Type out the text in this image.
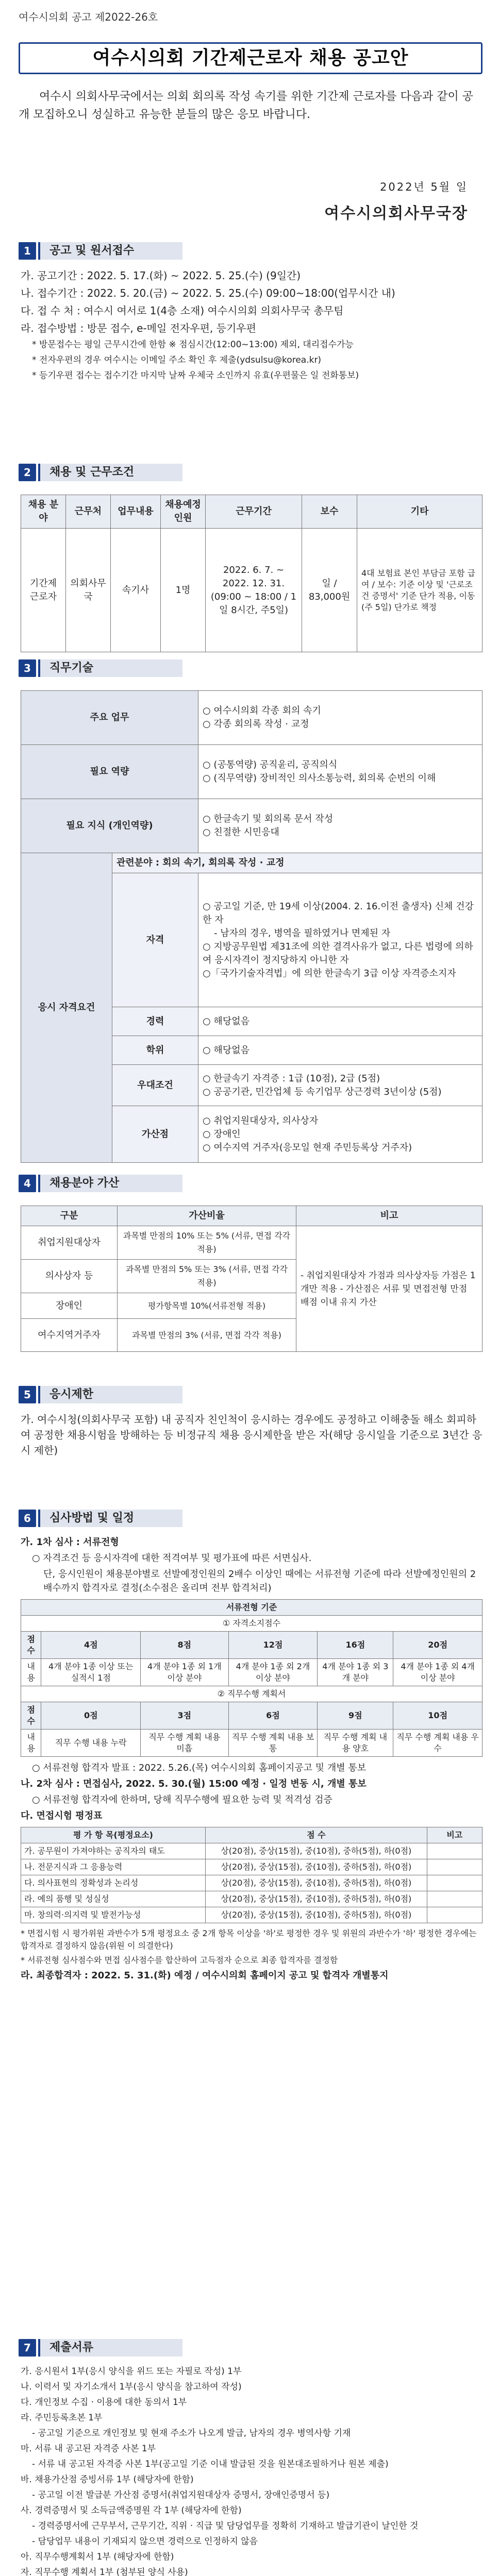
여수시의회 공고 제2022-26호
여수시의회 기간제근로자 채용 공고안
여수시 의회사무국에서는 의회 회의록 작성 속기를 위한 기간제 근로자를 다음과 같이 공개 모집하오니 성실하고 유능한 분들의 많은 응모 바랍니다.
2022년 5월 일
여수시의회사무국장
1	공고 및 원서접수

가. 공고기간 : 2022. 5. 17.(화) ~ 2022. 5. 25.(수) (9일간)

나. 접수기간 : 2022. 5. 20.(금) ~ 2022. 5. 25.(수) 09:00~18:00(업무시간 내)

다. 접 수 처 : 여수시 여서로 1(4층 소재) 여수시의회 의회사무국 총무팀

라. 접수방법 : 방문 접수, e-메일 전자우편, 등기우편

* 방문접수는 평일 근무시간에 한함 ※ 점심시간(12:00~13:00) 제외, 대리접수가능

* 전자우편의 경우 여수시는 이메일 주소 확인 후 제출(ydsulsu@korea.kr)

* 등기우편 접수는 접수기간 마지막 날짜 우체국 소인까지 유효(우편물은 일 전화통보)

2	채용 및 근무조건
채용 분야	근무처	업무내용	채용예정 인원	근무기간	보수	기타
기간제 근로자	의회사무국	속기사	1명	2022. 6. 7. ~ 2022. 12. 31. (09:00 ~ 18:00 / 1일 8시간, 주5일)	일 / 83,000원	4대 보험료 본인 부담금 포함 급여 / 보수: 기준 이상 및 '근로조건 증명서' 기준 단가 적용, 이동(주 5일) 단가로 책정
3	직무기술
주요 업무		○ 여수시의회 각종 회의 속기
○ 각종 회의록 작성 · 교정

필요 역량		○ (공통역량) 공직윤리, 공직의식
○ (직무역량) 장비적인 의사소통능력, 회의록 순번의 이해

필요 지식 (개인역량)		○ 한글속기 및 회의록 문서 작성
○ 친절한 시민응대

응시 자격요건	관련분야 : 회의 속기, 회의록 작성 · 교정	
	자격	○ 공고일 기준, 만 19세 이상(2004. 2. 16.이전 출생자) 신체 건강한 자
- 남자의 경우, 병역을 필하였거나 면제된 자
○ 지방공무원법 제31조에 의한 결격사유가 없고, 다른 법령에 의하여 응시자격이 정지당하지 아니한 자
○「국가기술자격법」에 의한 한글속기 3급 이상 자격증소지자

	경력	○ 해당없음
	학위	○ 해당없음
	우대조건	○ 한글속기 자격증 : 1급 (10점), 2급 (5점)
○ 공공기관, 민간업체 등 속기업무 상근경력 3년이상 (5점)

	가산점	○ 취업지원대상자, 의사상자
○ 장애인
○ 여수지역 거주자(응모일 현재 주민등록상 거주자)
4	채용분야 가산
구분	가산비율	비고
취업지원대상자	과목별 만점의 10% 또는 5% (서류, 면접 각각 적용)	- 취업지원대상자 가점과 의사상자등 가점은 1개만 적용 - 가산점은 서류 및 면접전형 만점 배점 이내 유지 가산
의사상자 등	과목별 만점의 5% 또는 3% (서류, 면접 각각 적용)	
장애인	평가항목별 10%(서류전형 적용)	
여수지역거주자	과목별 만점의 3% (서류, 면접 각각 적용)	
5	응시제한
가. 여수시청(의회사무국 포함) 내 공직자 친인척이 응시하는 경우에도 공정하고 이해충돌 해소 회피하여 공정한 채용시험을 방해하는 등 비정규직 채용 응시제한을 받은 자(해당 응시일을 기준으로 3년간 응시 제한)
6	심사방법 및 일정

가. 1차 심사 : 서류전형

○ 자격조건 등 응시자격에 대한 적격여부 및 평가표에 따른 서면심사.

단, 응시인원이 채용분야별로 선발예정인원의 2배수 이상인 때에는 서류전형 기준에 따라 선발예정인원의 2배수까지 합격자로 결정(소수점은 올리며 전부 합격처리)

서류전형 기준					
① 자격소지점수					
점수	4점	8점	12점	16점	20점
내용	4개 분야 1종 이상 또는 실적시 1점	4개 분야 1종 외 1개 이상 분야	4개 분야 1종 외 2개 이상 분야	4개 분야 1종 외 3개 분야	4개 분야 1종 외 4개 이상 분야
② 직무수행 계획서					
점수	0점	3점	6점	9점	10점
내용	직무 수행 내용 누락	직무 수행 계획 내용 미흡	직무 수행 계획 내용 보통	직무 수행 계획 내용 양호	직무 수행 계획 내용 우수

○ 서류전형 합격자 발표 : 2022. 5.26.(목) 여수시의회 홈페이지공고 및 개별 통보

나. 2차 심사 : 면접심사, 2022. 5. 30.(월) 15:00 예정 · 일정 변동 시, 개별 통보

○ 서류전형 합격자에 한하며, 당해 직무수행에 필요한 능력 및 적격성 검증

다. 면접시험 평정표

평 가 항 목(평정요소)	점 수	비고
가. 공무원이 가져야하는 공직자의 태도	상(20점), 중상(15점), 중(10점), 중하(5점), 하(0점)	
나. 전문지식과 그 응용능력	상(20점), 중상(15점), 중(10점), 중하(5점), 하(0점)	
다. 의사표현의 정확성과 논리성	상(20점), 중상(15점), 중(10점), 중하(5점), 하(0점)	
라. 예의 품행 및 성실성	상(20점), 중상(15점), 중(10점), 중하(5점), 하(0점)	
마. 창의력·의지력 및 발전가능성	상(20점), 중상(15점), 중(10점), 중하(5점), 하(0점)	

* 면접시험 시 평가위원 과반수가 5개 평정요소 중 2개 항목 이상을 '하'로 평정한 경우 및 위원의 과반수가 '하' 평정한 경우에는 합격자로 결정하지 않음(위원 이 의결한다)

* 서류전형 심사점수와 면접 심사점수를 합산하여 고득점자 순으로 최종 합격자를 결정함

라. 최종합격자 : 2022. 5. 31.(화) 예정 / 여수시의회 홈페이지 공고 및 합격자 개별통지

7	제출서류

가. 응시원서 1부(응시 양식을 위드 또는 자필로 작성) 1부

나. 이력서 및 자기소개서 1부(응시 양식을 참고하여 작성)

다. 개인정보 수집 · 이용에 대한 동의서 1부

라. 주민등록초본 1부

- 공고일 기준으로 개인정보 및 현재 주소가 나오게 발급, 남자의 경우 병역사항 기재

마. 서류 내 공고된 자격증 사본 1부

- 서류 내 공고된 자격증 사본 1부(공고일 기준 이내 발급된 것을 원본대조필하거나 원본 제출)

바. 채용가산점 증빙서류 1부 (해당자에 한함)

- 공고일 이전 발급분 가산점 증명서(취업지원대상자 증명서, 장애인증명서 등)

사. 경력증명서 및 소득금액증명원 각 1부 (해당자에 한함)

- 경력증명서에 근무부서, 근무기간, 직위 · 직급 및 담당업무를 정확히 기재하고 발급기관이 날인한 것

- 담당업무 내용이 기재되지 않으면 경력으로 인정하지 않음

아. 직무수행계획서 1부 (해당자에 한함)

자. 직무수행 계획서 1부 (첨부된 양식 사용)
